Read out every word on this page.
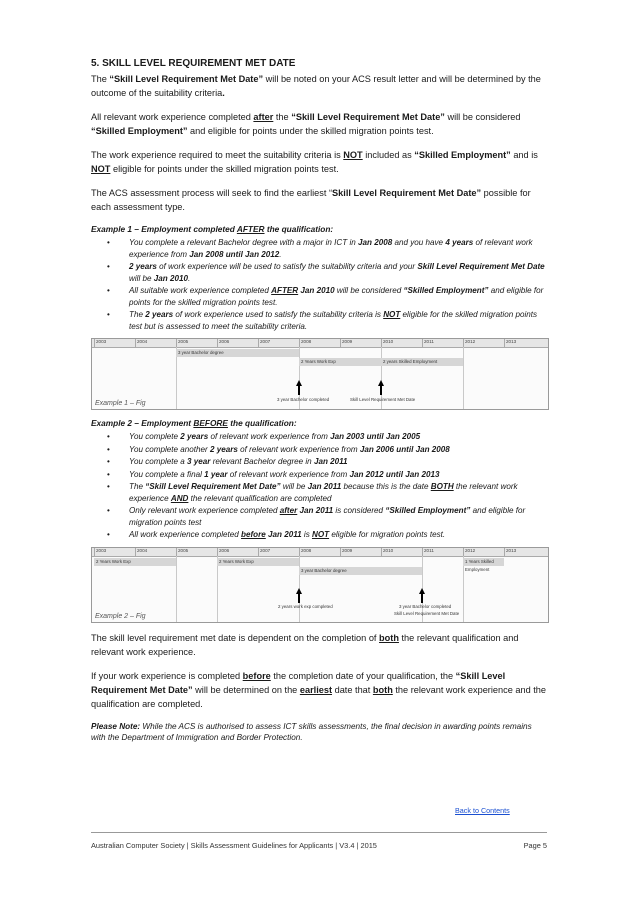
5. SKILL LEVEL REQUIREMENT MET DATE

The “Skill Level Requirement Met Date” will be noted on your ACS result letter and will be determined by the outcome of the suitability criteria.

All relevant work experience completed after the “Skill Level Requirement Met Date” will be considered “Skilled Employment” and eligible for points under the skilled migration points test.

The work experience required to meet the suitability criteria is NOT included as “Skilled Employment” and is NOT eligible for points under the skilled migration points test.

The ACS assessment process will seek to find the earliest “Skill Level Requirement Met Date” possible for each assessment type.

Example 1 – Employment completed AFTER the qualification:
• You complete a relevant Bachelor degree with a major in ICT in Jan 2008 and you have 4 years of relevant work experience from Jan 2008 until Jan 2012.
• 2 years of work experience will be used to satisfy the suitability criteria and your Skill Level Requirement Met Date will be Jan 2010.
• All suitable work experience completed AFTER Jan 2010 will be considered “Skilled Employment” and eligible for points for the skilled migration points test.
• The 2 years of work experience used to satisfy the suitability criteria is NOT eligible for the skilled migration points test but is assessed to meet the suitability criteria.
2003	2004	2005	2006	2007	2008	2009	2010	2011	2012	2013
3 year Bachelor degree
2 Years Work Exp	2 years Skilled Employment
3 year Bachelor completed	Skill Level Requirement Met Date
Example 1 – Fig
Example 2 – Employment BEFORE the qualification:
• You complete 2 years of relevant work experience from Jan 2003 until Jan 2005
• You complete another 2 years of relevant work experience from Jan 2006 until Jan 2008
• You complete a 3 year relevant Bachelor degree in Jan 2011
• You complete a final 1 year of relevant work experience from Jan 2012 until Jan 2013
• The “Skill Level Requirement Met Date” will be Jan 2011 because this is the date BOTH the relevant work experience AND the relevant qualification are completed
• Only relevant work experience completed after Jan 2011 is considered “Skilled Employment” and eligible for migration points test
• All work experience completed before Jan 2011 is NOT eligible for migration points test.
2003	2004	2005	2006	2007	2008	2009	2010	2011	2012	2013
2 Years Work Exp	2 Years Work Exp
3 year Bachelor degree
1 Years Skilled Employment
2 years work exp completed	3 year Bachelor completed
Skill Level Requirement Met Date
Example 2 – Fig

The skill level requirement met date is dependent on the completion of both the relevant qualification and relevant work experience.

If your work experience is completed before the completion date of your qualification, the “Skill Level Requirement Met Date” will be determined on the earliest date that both the relevant work experience and the qualification are completed.

Please Note: While the ACS is authorised to assess ICT skills assessments, the final decision in awarding points remains with the Department of Immigration and Border Protection.

Back to Contents
Australian Computer Society | Skills Assessment Guidelines for Applicants | V3.4 | 2015	Page 5
